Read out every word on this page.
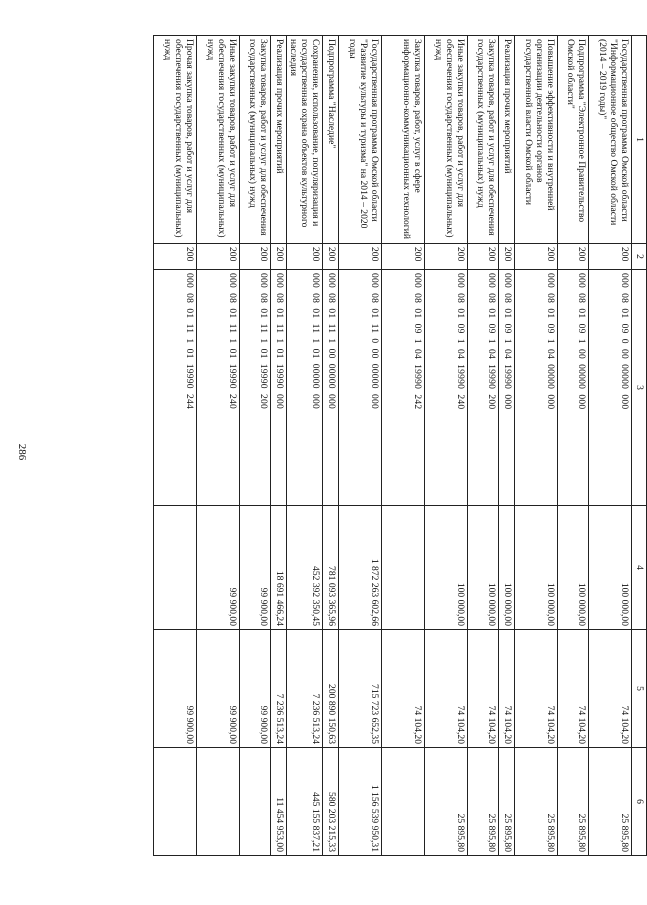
286
1	2	3	4	5	6
Государственная программа Омской области "Информационное общество Омской области (2014 – 2019 годы)"	200	000  08  01  09  0  00  00000  000	100 000,00	74 104,20	25 895,80
Подпрограмма "Электронное Правительство Омской области"	200	000  08  01  09  1  00  00000  000	100 000,00	74 104,20	25 895,80
Повышение эффективности и внутренней организации деятельности органов государственной власти Омской области	200	000  08  01  09  1  04  00000  000	100 000,00	74 104,20	25 895,80
Реализация прочих мероприятий	200	000  08  01  09  1  04  19990  000	100 000,00	74 104,20	25 895,80
Закупка товаров, работ и услуг для обеспечения государственных (муниципальных) нужд	200	000  08  01  09  1  04  19990  200	100 000,00	74 104,20	25 895,80
Иные закупки товаров, работ и услуг для обеспечения государственных (муниципальных) нужд	200	000  08  01  09  1  04  19990  240	100 000,00	74 104,20	25 895,80
Закупка товаров, работ, услуг в сфере информационно-коммуникационных технологий	200	000  08  01  09  1  04  19990  242		74 104,20	
Государственная программа Омской области "Развитие культуры и туризма" на 2014 – 2020 годы	200	000  08  01  11  0  00  00000  000	1 872 263 602,66	715 723 652,35	1 156 539 950,31
Подпрограмма "Наследие"	200	000  08  01  11  1  00  00000  000	781 093 365,96	200 890 150,63	580 203 215,33
Сохранение, использование, популяризация и государственная охрана объектов культурного наследия	200	000  08  01  11  1  01  00000  000	452 392 350,45	7 236 513,24	445 155 837,21
Реализация прочих мероприятий	200	000  08  01  11  1  01  19990  000	18 691 466,24	7 236 513,24	11 454 953,00
Закупка товаров, работ и услуг для обеспечения государственных (муниципальных) нужд	200	000  08  01  11  1  01  19990  200	99 900,00	99 900,00	
Иные закупки товаров, работ и услуг для обеспечения государственных (муниципальных) нужд	200	000  08  01  11  1  01  19990  240	99 900,00	99 900,00	
Прочая закупка товаров, работ и услуг для обеспечения государственных (муниципальных) нужд	200	000  08  01  11  1  01  19990  244		99 900,00	
